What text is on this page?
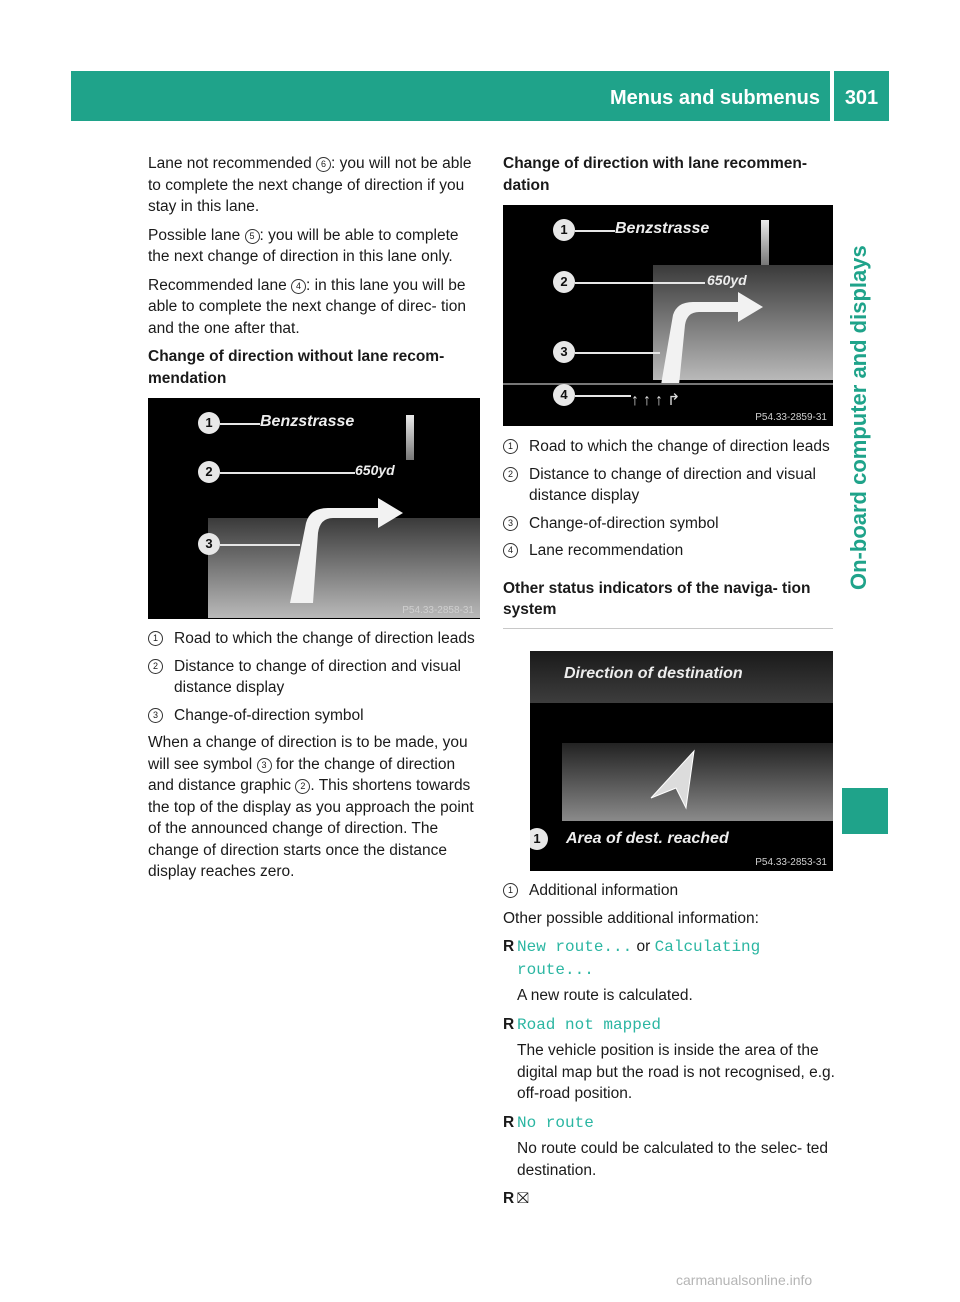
Menus and submenus	301
On-board computer and displays

Lane not recommended 6 : you will not be able to complete the next change of direction if you stay in this lane.

Possible lane 5 : you will be able to complete the next change of direction in this lane only.

Recommended lane 4 : in this lane you will be able to complete the next change of direc- tion and the one after that.

Change of direction without lane recom- mendation

1	Benzstrasse
2	650yd
3
P54.33-2858-31
1	Road to which the change of direction leads
2	Distance to change of direction and visual distance display
3	Change-of-direction symbol

When a change of direction is to be made, you will see symbol 3 for the change of direction and distance graphic 2 . This shortens towards the top of the display as you approach the point of the announced change of direction. The change of direction starts once the distance display reaches zero.

Change of direction with lane recommen- dation

↑↑↑↱
1	Benzstrasse
2	650yd
3
4
P54.33-2859-31
1	Road to which the change of direction leads
2	Distance to change of direction and visual distance display
3	Change-of-direction symbol
4	Lane recommendation

Other status indicators of the naviga- tion system

Direction of destination
1	Area of dest. reached
P54.33-2853-31
1	Additional information

Other possible additional information:

R New route... or Calculating route...

A new route is calculated.

R Road not mapped

The vehicle position is inside the area of the digital map but the road is not recognised, e.g. off-road position.

R No route

No route could be calculated to the selec- ted destination.

R ⛝
carmanualsonline.info
